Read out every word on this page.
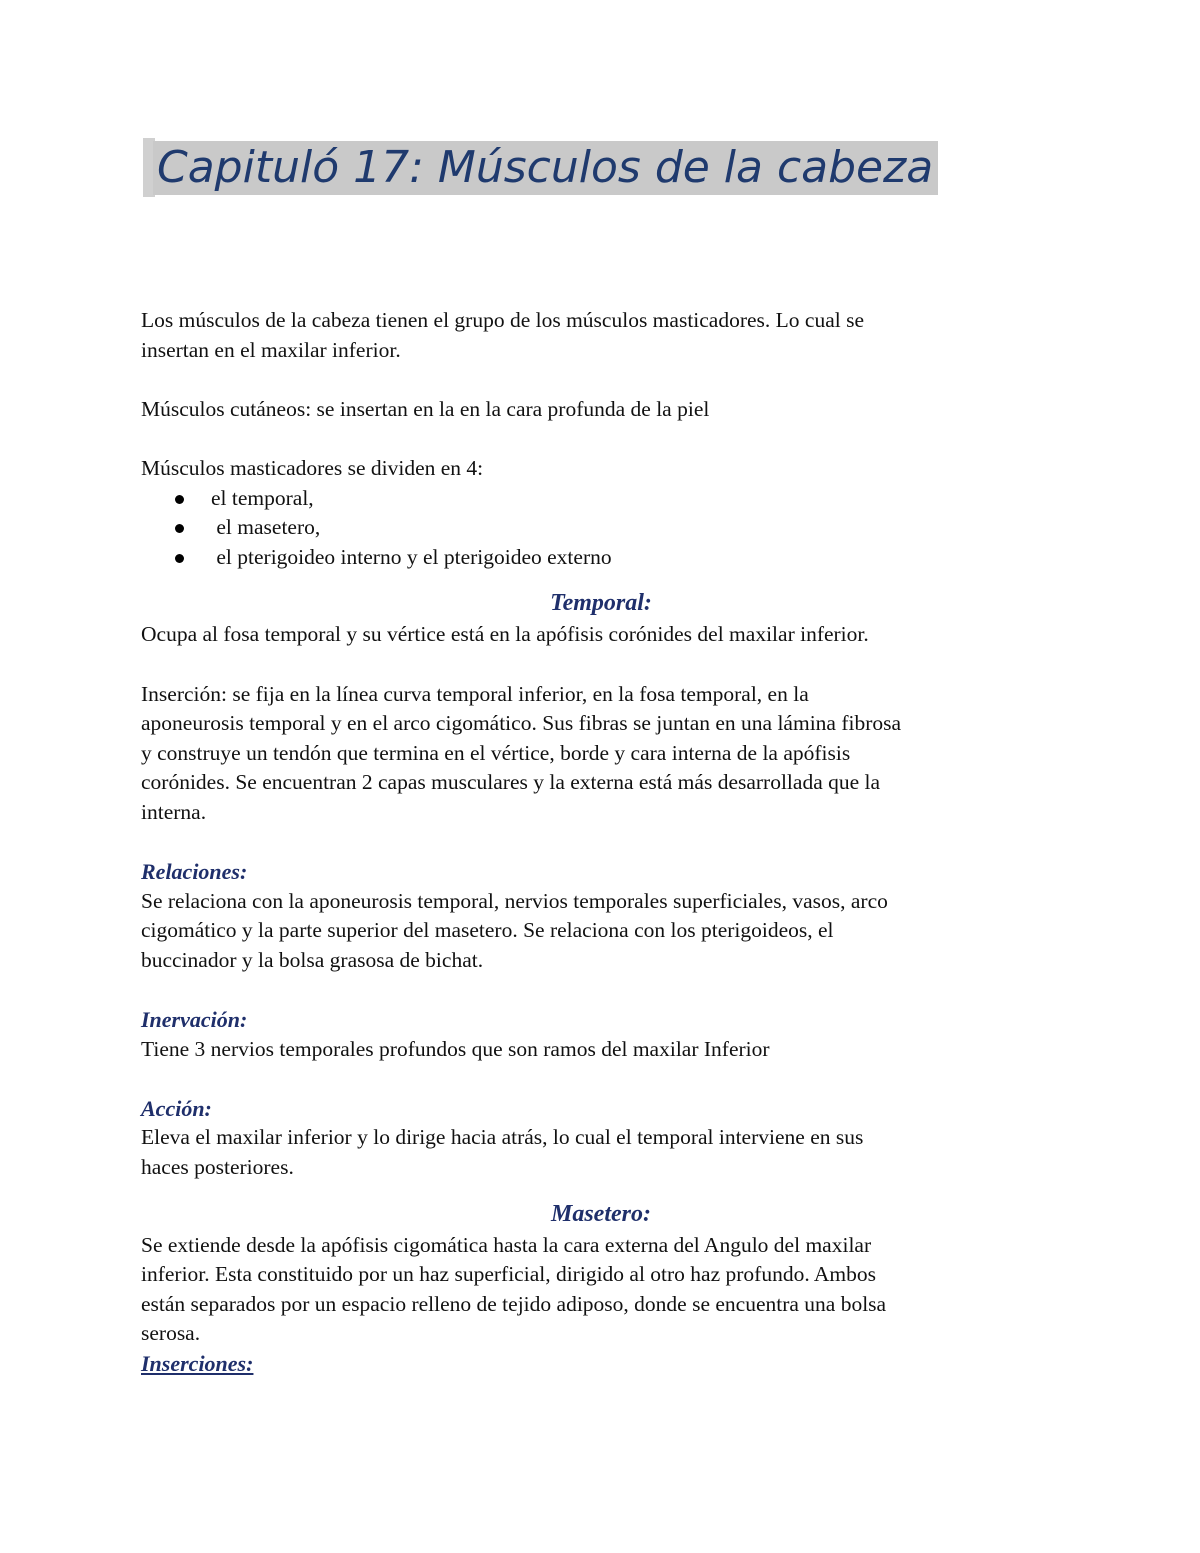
Capituló 17: Músculos de la cabeza

Los músculos de la cabeza tienen el grupo de los músculos masticadores. Lo cual se

insertan en el maxilar inferior.

Músculos cutáneos: se insertan en la en la cara profunda de la piel

Músculos masticadores se dividen en 4:

el temporal,
el masetero,
el pterigoideo interno y el pterigoideo externo

Temporal:

Ocupa al fosa temporal y su vértice está en la apófisis corónides del maxilar inferior.

Inserción: se fija en la línea curva temporal inferior, en la fosa temporal, en la

aponeurosis temporal y en el arco cigomático. Sus fibras se juntan en una lámina fibrosa

y construye un tendón que termina en el vértice, borde y cara interna de la apófisis

corónides. Se encuentran 2 capas musculares y la externa está más desarrollada que la

interna.

Relaciones:

Se relaciona con la aponeurosis temporal, nervios temporales superficiales, vasos, arco

cigomático y la parte superior del masetero. Se relaciona con los pterigoideos, el

buccinador y la bolsa grasosa de bichat.

Inervación:

Tiene 3 nervios temporales profundos que son ramos del maxilar Inferior

Acción:

Eleva el maxilar inferior y lo dirige hacia atrás, lo cual el temporal interviene en sus

haces posteriores.

Masetero:

Se extiende desde la apófisis cigomática hasta la cara externa del Angulo del maxilar

inferior. Esta constituido por un haz superficial, dirigido al otro haz profundo. Ambos

están separados por un espacio relleno de tejido adiposo, donde se encuentra una bolsa

serosa.

Inserciones:
